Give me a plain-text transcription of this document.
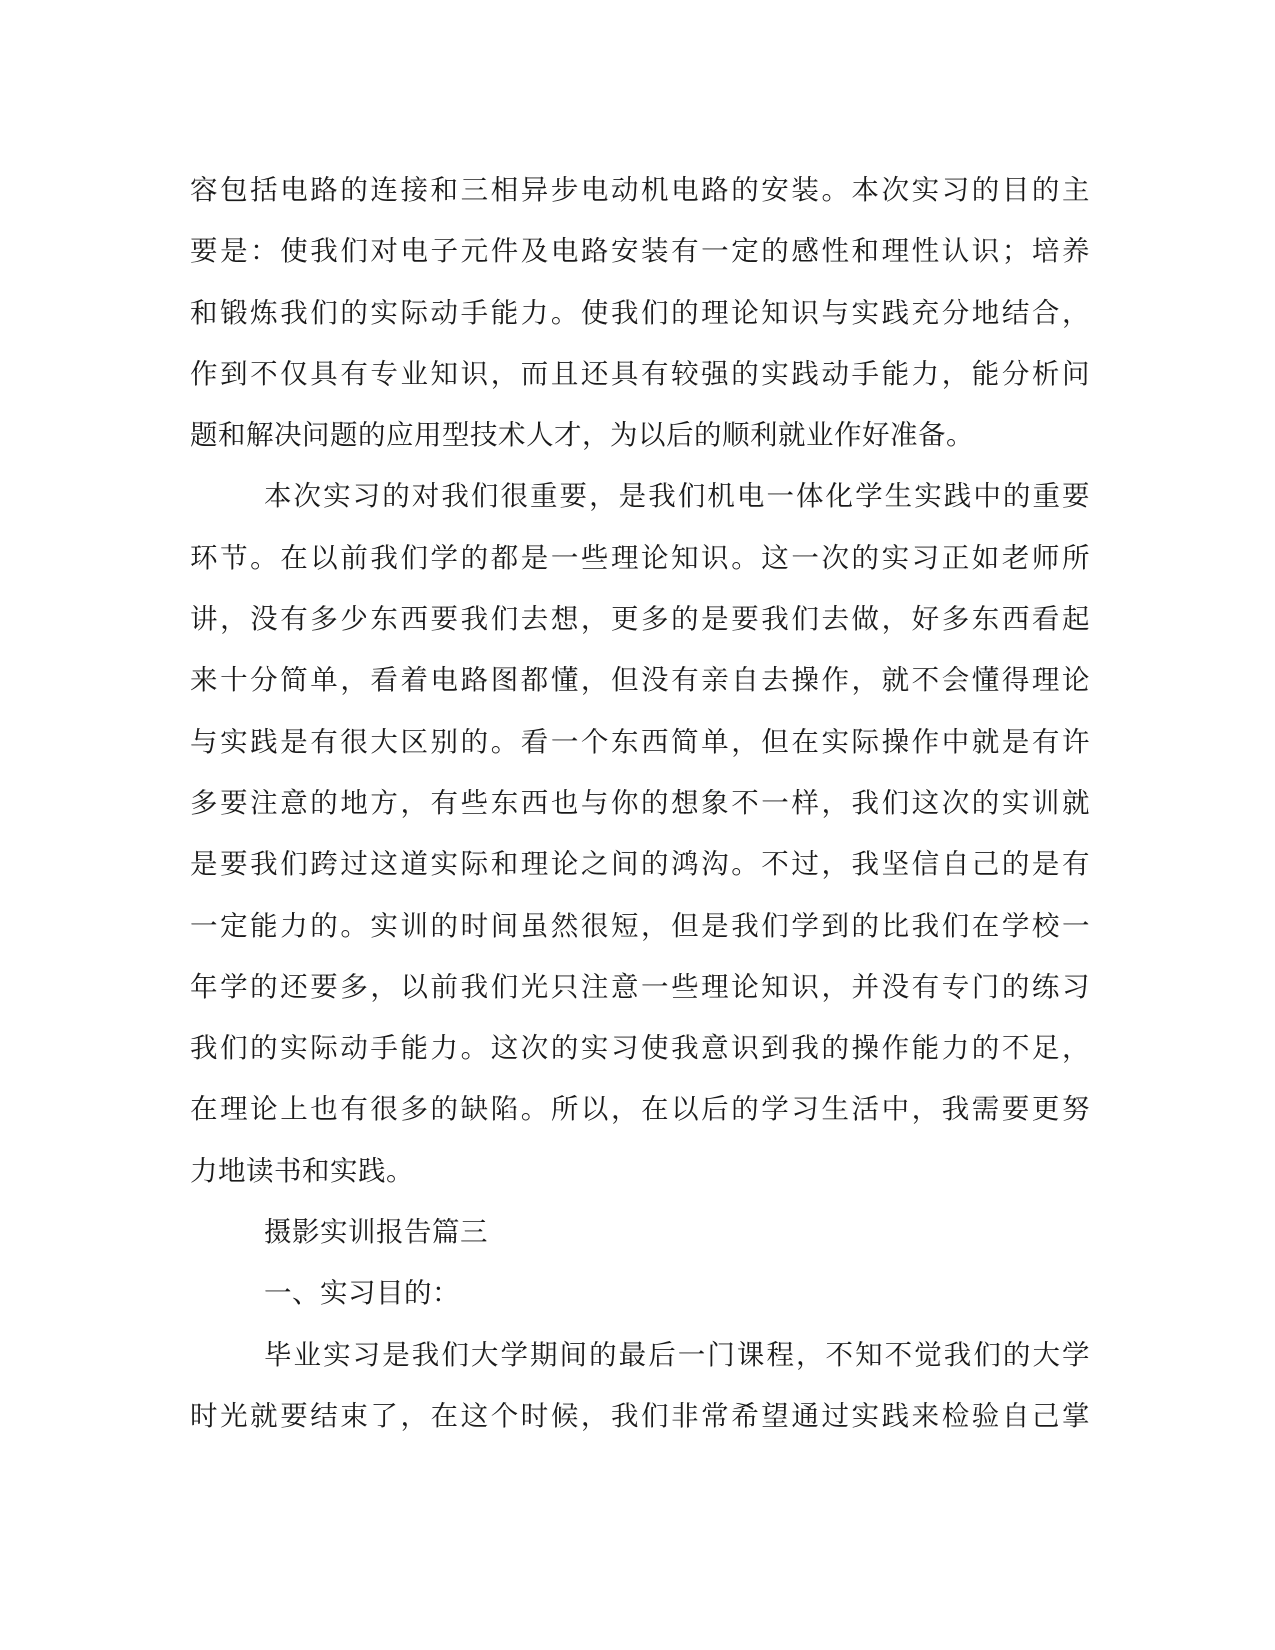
容包括电路的连接和三相异步电动机电路的安装。本次实习的目的主
要是：使我们对电子元件及电路安装有一定的感性和理性认识；培养
和锻炼我们的实际动手能力。使我们的理论知识与实践充分地结合，
作到不仅具有专业知识，而且还具有较强的实践动手能力，能分析问
题和解决问题的应用型技术人才，为以后的顺利就业作好准备。
本次实习的对我们很重要，是我们机电一体化学生实践中的重要
环节。在以前我们学的都是一些理论知识。这一次的实习正如老师所
讲，没有多少东西要我们去想，更多的是要我们去做，好多东西看起
来十分简单，看着电路图都懂，但没有亲自去操作，就不会懂得理论
与实践是有很大区别的。看一个东西简单，但在实际操作中就是有许
多要注意的地方，有些东西也与你的想象不一样，我们这次的实训就
是要我们跨过这道实际和理论之间的鸿沟。不过，我坚信自己的是有
一定能力的。实训的时间虽然很短，但是我们学到的比我们在学校一
年学的还要多，以前我们光只注意一些理论知识，并没有专门的练习
我们的实际动手能力。这次的实习使我意识到我的操作能力的不足，
在理论上也有很多的缺陷。所以，在以后的学习生活中，我需要更努
力地读书和实践。
摄影实训报告篇三
一、实习目的：
毕业实习是我们大学期间的最后一门课程，不知不觉我们的大学
时光就要结束了，在这个时候，我们非常希望通过实践来检验自己掌
